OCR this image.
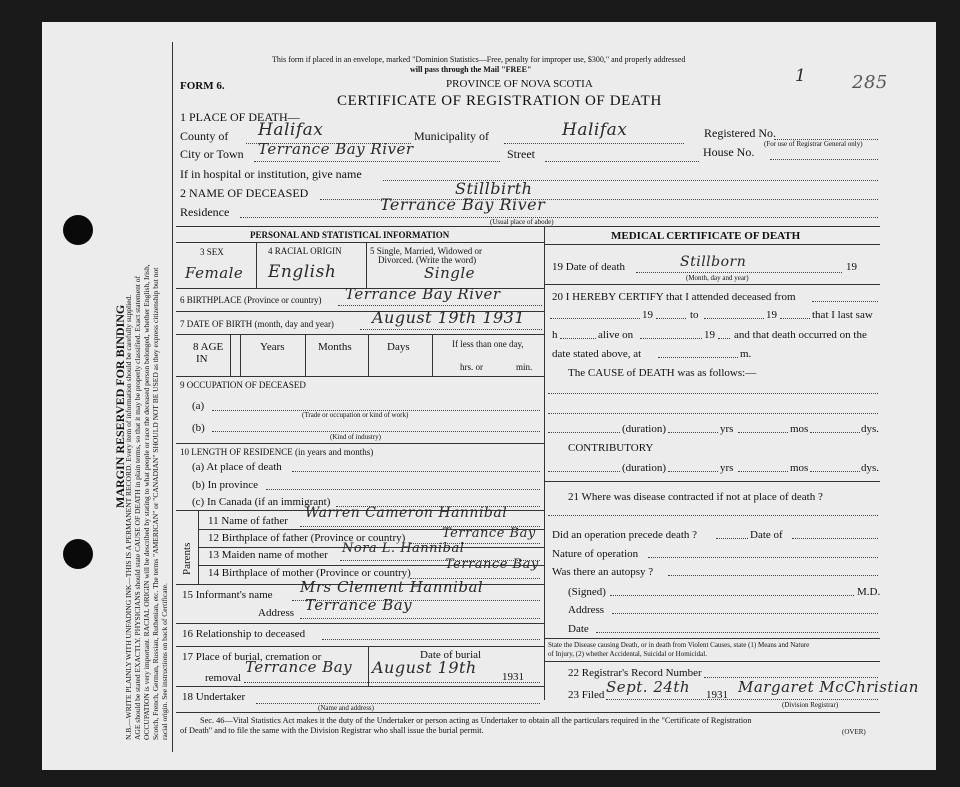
MARGIN RESERVED FOR BINDING
N.B.—WRITE PLAINLY WITH UNFADING INK—THIS IS A PERMANENT RECORD. Every item of information should be carefully supplied. AGE should be stated EXACTLY. PHYSICIANS should state CAUSE OF DEATH in plain terms, so that it may be properly classified. Exact statement of OCCUPATION is very important. RACIAL ORIGIN will be described by stating to what people or race the deceased person belonged, whether English, Irish, Scotch, French, German, Russian, Ruthenian, etc. The terms "AMERICAN" or "CANADIAN" SHOULD NOT BE USED as they express citizenship but not racial origin. See instructions on back of Certificate.
This form if placed in an envelope, marked "Dominion Statistics—Free, penalty for improper use, $300," and properly addressed
will pass through the Mail "FREE"
PROVINCE OF NOVA SCOTIA
FORM 6.
CERTIFICATE OF REGISTRATION OF DEATH
1	285
1 PLACE OF DEATH—
County of Halifax	Municipality of	Halifax	Registered No.
(For use of Registrar General only)
City or Town Terrance Bay River	Street	House No.
If in hospital or institution, give name
2 NAME OF DECEASED	Stillbirth
Residence	Terrance Bay River
(Usual place of abode)
PERSONAL AND STATISTICAL INFORMATION
3 SEX	4 RACIAL ORIGIN	5 Single, Married, Widowed or
Divorced. (Write the word)
Female English	Single
6 BIRTHPLACE (Province or country) Terrance Bay River
7 DATE OF BIRTH (month, day and year) August 19th 1931
8 AGE
IN
Years	Months	Days	If less than one day,
hrs. or	min.
9 OCCUPATION OF DECEASED
(a)
(Trade or occupation or kind of work)
(b)
(Kind of industry)
10 LENGTH OF RESIDENCE (in years and months)
(a) At place of death
(b) In province
(c) In Canada (if an immigrant)
Parents
11 Name of father Warren Cameron Hannibal
12 Birthplace of father (Province or country)	Terrance Bay
13 Maiden name of mother Nora L. Hannibal
14 Birthplace of mother (Province or country)
Terrance Bay
15 Informant's name Mrs Clement Hannibal
Address Terrance Bay
16 Relationship to deceased
17 Place of burial, cremation or	Date of burial
removal
Terrance Bay August 19th 1931
18 Undertaker
(Name and address)
MEDICAL CERTIFICATE OF DEATH
19 Date of death	Stillborn	19
(Month, day and year)
20 I HEREBY CERTIFY that I attended deceased from
19	to	19	that I last saw
h	alive on	19 and that death occurred on the
date stated above, at	m.
The CAUSE of DEATH was as follows:—
(duration)	yrs	mos	dys.
CONTRIBUTORY
(duration)	yrs	mos	dys.
21 Where was disease contracted if not at place of death ?
Did an operation precede death ?	Date of
Nature of operation
Was there an autopsy ?
(Signed)	M.D.
Address
Date
State the Disease causing Death, or in death from Violent Causes, state (1) Means and Nature
of Injury, (2) whether Accidental, Suicidal or Homicidal.
22 Registrar's Record Number
23 Filed Sept. 24th 1931 Margaret McChristian
(Division Registrar)
Sec. 46—Vital Statistics Act makes it the duty of the Undertaker or person acting as Undertaker to obtain all the particulars required in the "Certificate of Registration
of Death" and to file the same with the Division Registrar who shall issue the burial permit.	(OVER)
